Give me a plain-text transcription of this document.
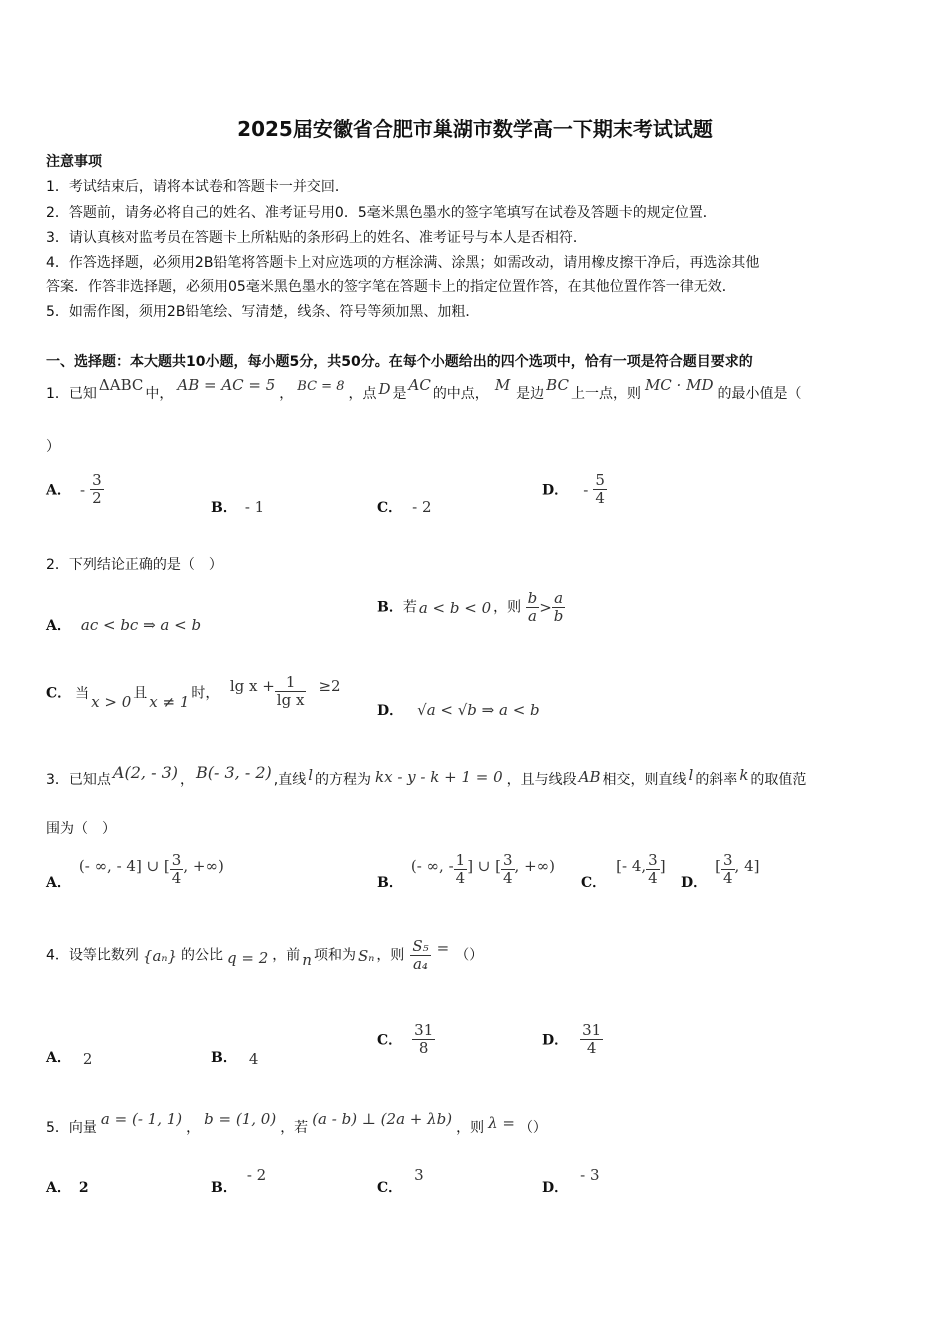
2025届安徽省合肥市巢湖市数学高一下期末考试试题
注意事项
1．考试结束后，请将本试卷和答题卡一并交回．
2．答题前，请务必将自己的姓名、准考证号用0．5毫米黑色墨水的签字笔填写在试卷及答题卡的规定位置．
3．请认真核对监考员在答题卡上所粘贴的条形码上的姓名、准考证号与本人是否相符．
4．作答选择题，必须用2B铅笔将答题卡上对应选项的方框涂满、涂黑；如需改动，请用橡皮擦干净后，再选涂其他
答案．作答非选择题，必须用05毫米黑色墨水的签字笔在答题卡上的指定位置作答，在其他位置作答一律无效．
5．如需作图，须用2B铅笔绘、写清楚，线条、符号等须加黑、加粗．
一、选择题：本大题共10小题，每小题5分，共50分。在每个小题给出的四个选项中，恰有一项是符合题目要求的
1．已知 ΔABC 中， AB = AC = 5 ， BC = 8 ，点 D 是 AC 的中点， M 是边 BC 上一点，则 MC · MD 的最小值是（
）
A． - $\frac{3}{2}$
B． - 1	C． - 2
D． - $\frac{5}{4}$
2．下列结论正确的是（　）
A． ac < bc ⇒ a < b
B．若 a < b < 0 ，则 $\frac{b}{a} > \frac{a}{b}$
C． 当 x > 0 且 x ≠ 1 时， $\lg x + \frac{1}{\text{lg x}} \ge 2$
D． √a < √b ⇒ a < b
3．已知点 A(2, - 3) ， B(- 3, - 2) ,直线 l 的方程为 kx - y - k + 1 = 0 ，且与线段 AB 相交，则直线 l 的斜率 k 的取值范
围为（　）
A．(- ∞, - 4] ∪ [ $\frac{3}{4}$ , +∞)
B．(- ∞, - $\frac{1}{4}$ ] ∪ [ $\frac{3}{4}$ , +∞)
C．[- 4, $\frac{3}{4}$ ]
D．[ $\frac{3}{4}$ , 4]
4．设等比数列 {aₙ} 的公比 q = 2 ，前 n 项和为 Sₙ ，则 $\frac{\text{S₅}}{\text{a₄}}$ = （）
A． 2	B． 4
C． $\frac{31}{8}$	D． $\frac{31}{4}$
5．向量 a = (- 1, 1) ， b = (1, 0) ，若 (a - b) ⊥ (2a + λb) ，则 λ = （）
A． 2	B．- 2
C．3
D．- 3
